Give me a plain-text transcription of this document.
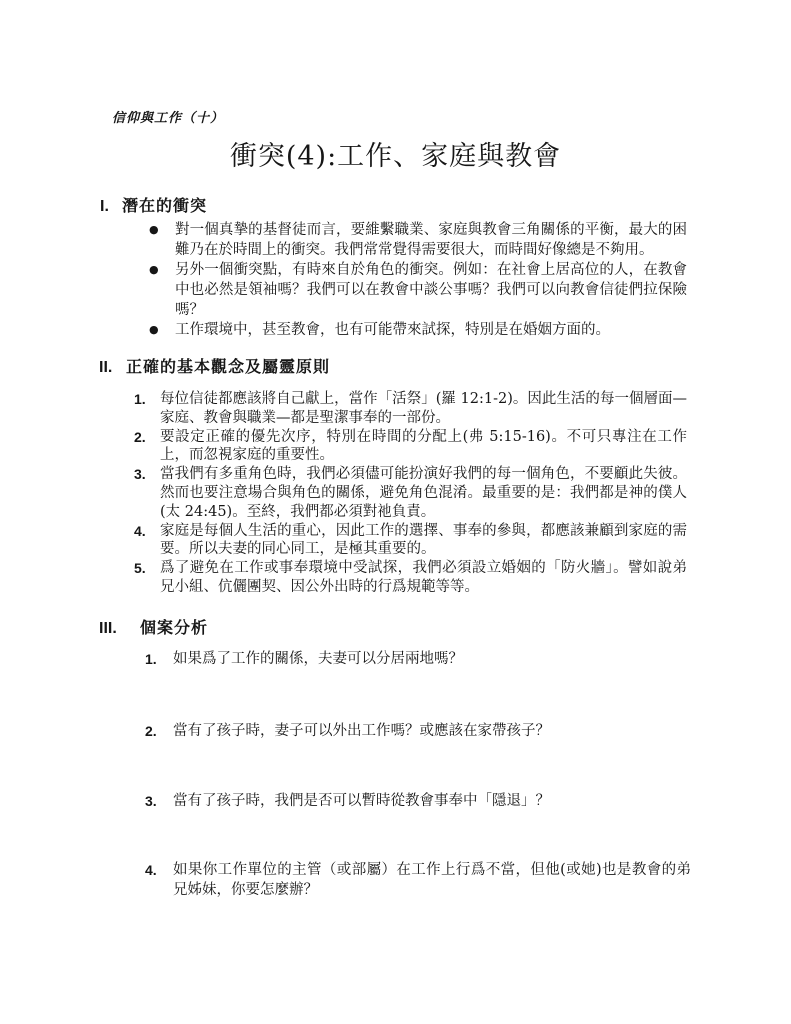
信仰與工作（十）
衝突(4):工作、家庭與教會
I. 潛在的衝突
●	對一個真摯的基督徒而言，要維繫職業、家庭與教會三角關係的平衡，最大的困難乃在於時間上的衝突。我們常常覺得需要很大，而時間好像總是不夠用。
●	另外一個衝突點，有時來自於角色的衝突。例如：在社會上居高位的人，在教會中也必然是領袖嗎？我們可以在教會中談公事嗎？我們可以向教會信徒們拉保險嗎？
●	工作環境中，甚至教會，也有可能帶來試探，特別是在婚姻方面的。
II. 正確的基本觀念及屬靈原則
1. 每位信徒都應該將自己獻上，當作「活祭」(羅 12:1-2)。因此生活的每一個層面—家庭、教會與職業—都是聖潔事奉的一部份。
2. 要設定正確的優先次序，特別在時間的分配上(弗 5:15-16)。不可只專注在工作上，而忽視家庭的重要性。
3. 當我們有多重角色時，我們必須儘可能扮演好我們的每一個角色，不要顧此失彼。然而也要注意場合與角色的關係，避免角色混淆。最重要的是：我們都是神的僕人(太 24:45)。至終，我們都必須對祂負責。
4. 家庭是每個人生活的重心，因此工作的選擇、事奉的參與，都應該兼顧到家庭的需要。所以夫妻的同心同工，是極其重要的。
5. 爲了避免在工作或事奉環境中受試探，我們必須設立婚姻的「防火牆」。譬如說弟兄小組、伉儷團契、因公外出時的行爲規範等等。
III.	個案分析
1.	如果爲了工作的關係，夫妻可以分居兩地嗎？
2.	當有了孩子時，妻子可以外出工作嗎？或應該在家帶孩子？
3.	當有了孩子時，我們是否可以暫時從教會事奉中「隱退」？
4.	如果你工作單位的主管（或部屬）在工作上行爲不當，但他(或她)也是教會的弟兄姊妹，你要怎麼辦？
